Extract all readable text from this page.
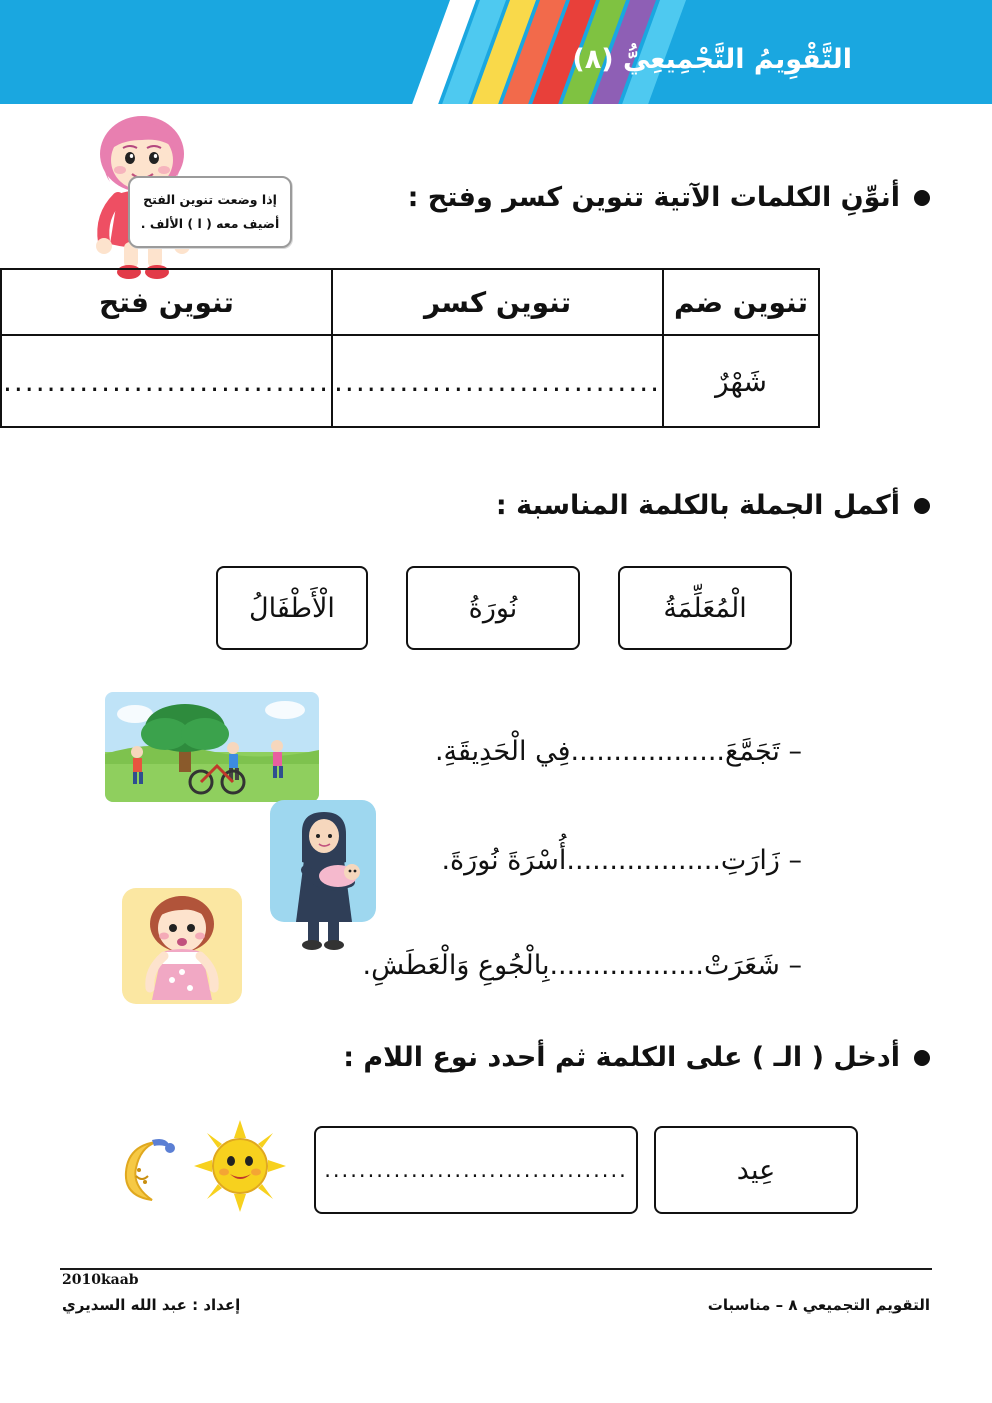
التَّقْوِيمُ التَّجْمِيعِيُّ (٨)
إذا وضعت تنوين الفتح
أضيف معه ( ا ) الألف .
أنوِّنِ الكلمات الآتية تنوين كسر وفتح :
تنوين ضم	تنوين كسر	تنوين فتح
شَهْرٌ	..............................	..............................
أكمل الجملة بالكلمة المناسبة :
الْمُعَلِّمَةُ
نُورَةُ
الْأَطْفَالُ
– تَجَمَّعَ..................فِي الْحَدِيقَةِ.
– زَارَتِ..................أُسْرَةَ نُورَةَ.
– شَعَرَتْ..................بِالْجُوعِ وَالْعَطَشِ.
أدخل ( الـ ) على الكلمة ثم أحدد نوع اللام :
عِيد
...................................
2010kaab
إعداد : عبد الله السديري	التقويم التجميعي ٨ – مناسبات
